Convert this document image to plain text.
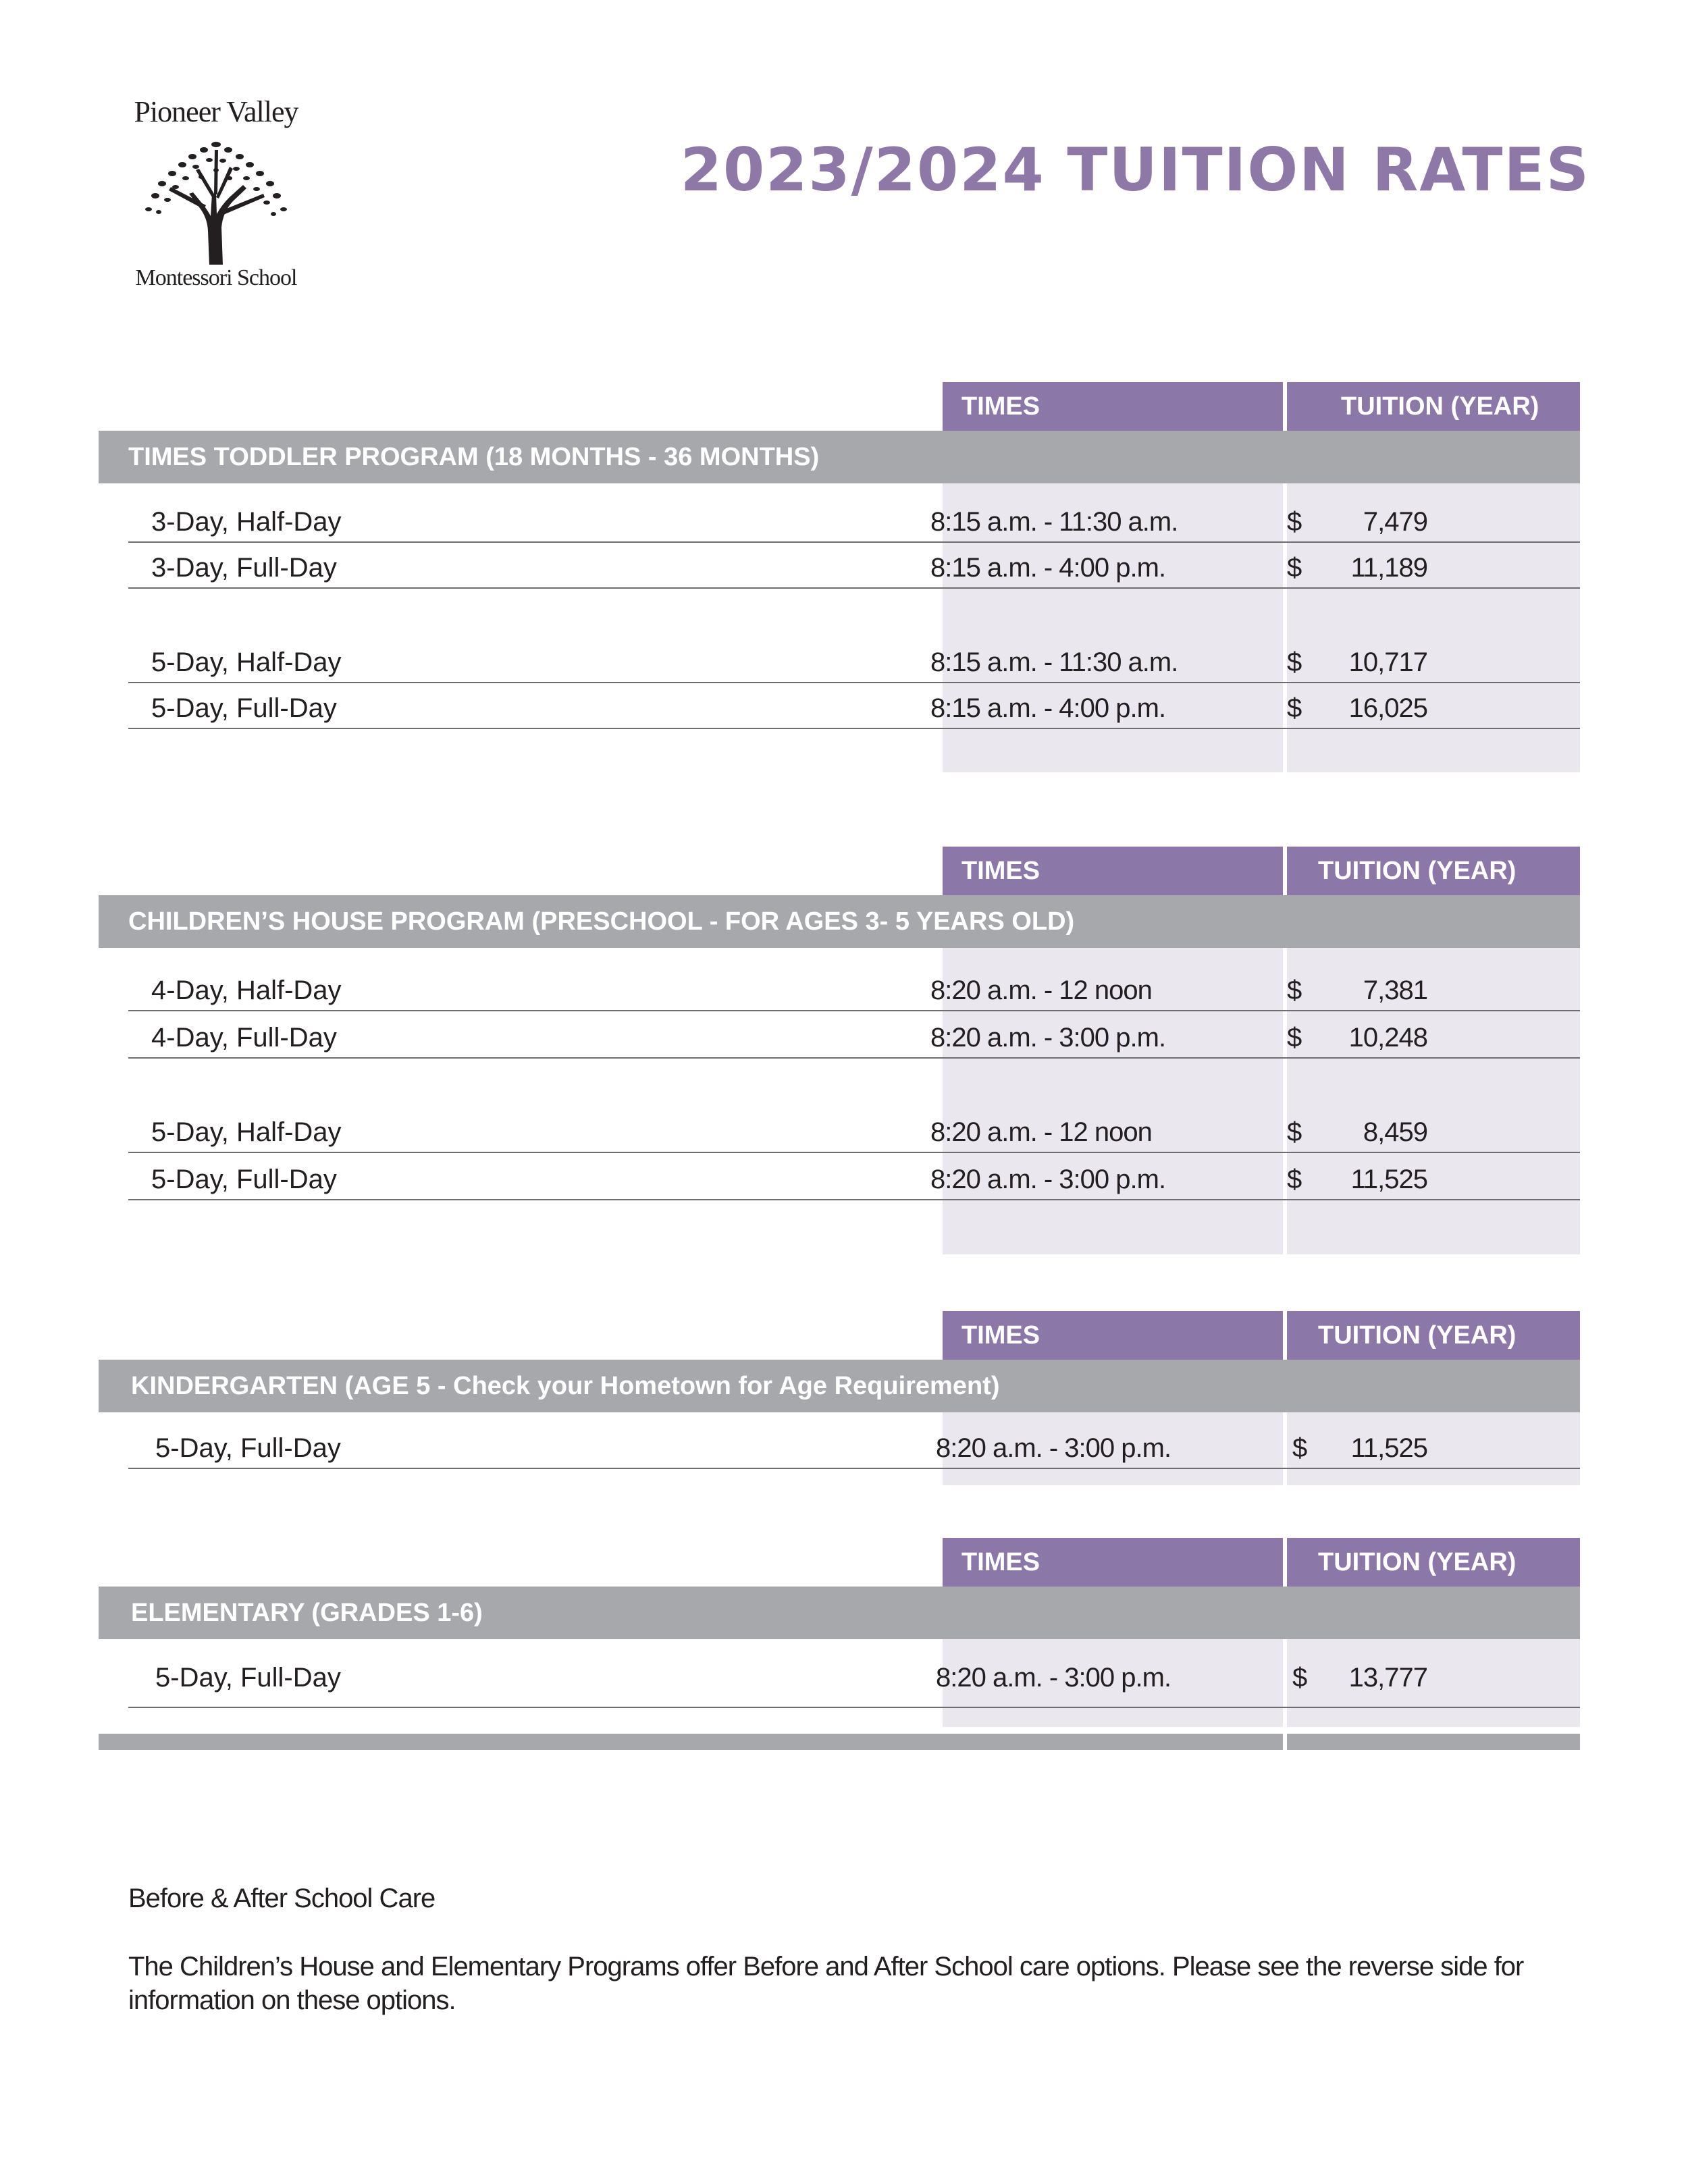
Pioneer Valley
Montessori School
2023/2024 TUITION RATES
TIMES	TUITION (YEAR)
TIMES TODDLER PROGRAM (18 MONTHS - 36 MONTHS)
3-Day, Half-Day	8:15 a.m. - 11:30 a.m.	$	7,479
3-Day, Full-Day	8:15 a.m. - 4:00 p.m.	$	11,189
5-Day, Half-Day	8:15 a.m. - 11:30 a.m.	$	10,717
5-Day, Full-Day	8:15 a.m. - 4:00 p.m.	$	16,025
TIMES	TUITION (YEAR)
CHILDREN’S HOUSE PROGRAM (PRESCHOOL - FOR AGES 3- 5 YEARS OLD)
4-Day, Half-Day	8:20 a.m. - 12 noon	$	7,381
4-Day, Full-Day	8:20 a.m. - 3:00 p.m.	$	10,248
5-Day, Half-Day	8:20 a.m. - 12 noon	$	8,459
5-Day, Full-Day	8:20 a.m. - 3:00 p.m.	$	11,525
TIMES	TUITION (YEAR)
KINDERGARTEN (AGE 5 - Check your Hometown for Age Requirement)
5-Day, Full-Day	8:20 a.m. - 3:00 p.m.	$	11,525
TIMES	TUITION (YEAR)
ELEMENTARY (GRADES 1-6)
5-Day, Full-Day	8:20 a.m. - 3:00 p.m.	$	13,777
Before & After School Care
The Children’s House and Elementary Programs offer Before and After School care options. Please see the reverse side for information on these options.
